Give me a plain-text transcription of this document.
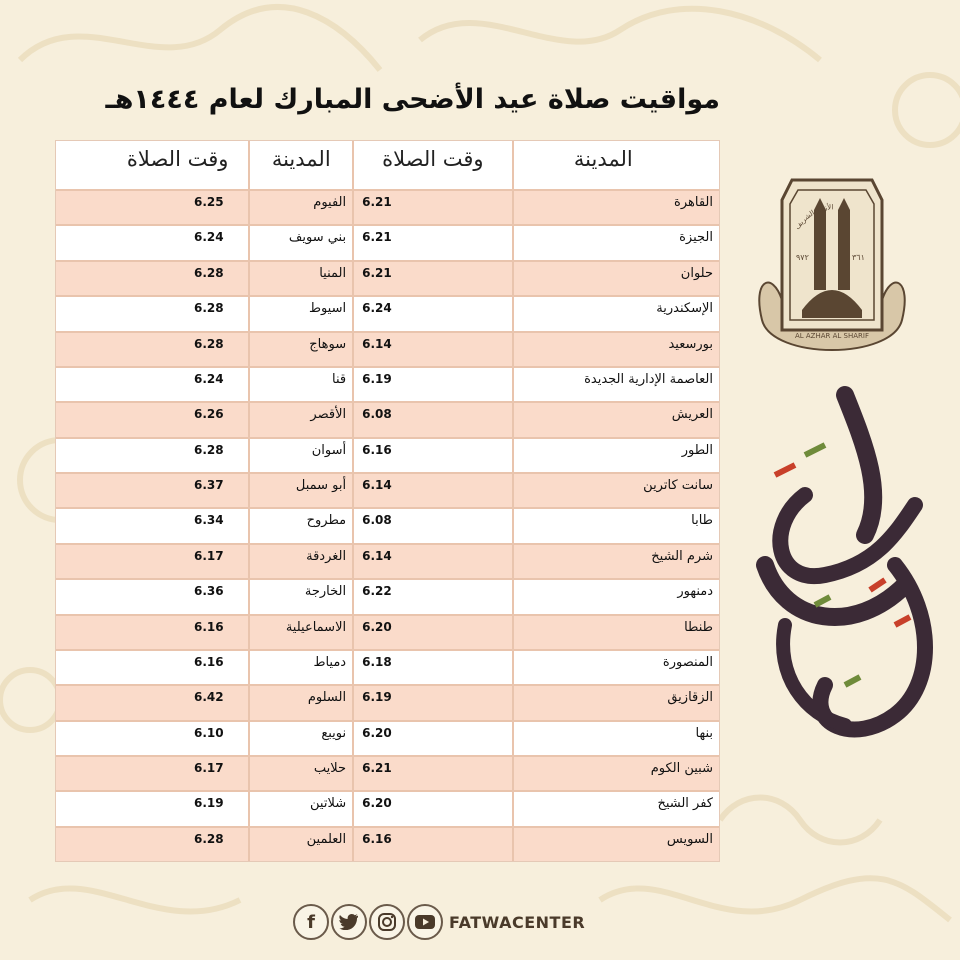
مواقيت صلاة عيد الأضحى المبارك لعام ١٤٤٤هـ
المدينة
وقت الصلاة
المدينة
وقت الصلاة
القاهرة
6.21
الفيوم
6.25
الجيزة
6.21
بني سويف
6.24
حلوان
6.21
المنيا
6.28
الإسكندرية
6.24
اسيوط
6.28
بورسعيد
6.14
سوهاج
6.28
العاصمة الإدارية الجديدة
6.19
قنا
6.24
العريش
6.08
الأقصر
6.26
الطور
6.16
أسوان
6.28
سانت كاترين
6.14
أبو سمبل
6.37
طابا
6.08
مطروح
6.34
شرم الشيخ
6.14
الغردقة
6.17
دمنهور
6.22
الخارجة
6.36
طنطا
6.20
الاسماعيلية
6.16
المنصورة
6.18
دمياط
6.16
الزقازيق
6.19
السلوم
6.42
بنها
6.20
نويبع
6.10
شبين الكوم
6.21
حلايب
6.17
كفر الشيخ
6.20
شلاتين
6.19
السويس
6.16
العلمين
6.28
٩٧٢	٣٦١
الأزهر الشريف
AL AZHAR AL SHARIF
f	FATWACENTER
